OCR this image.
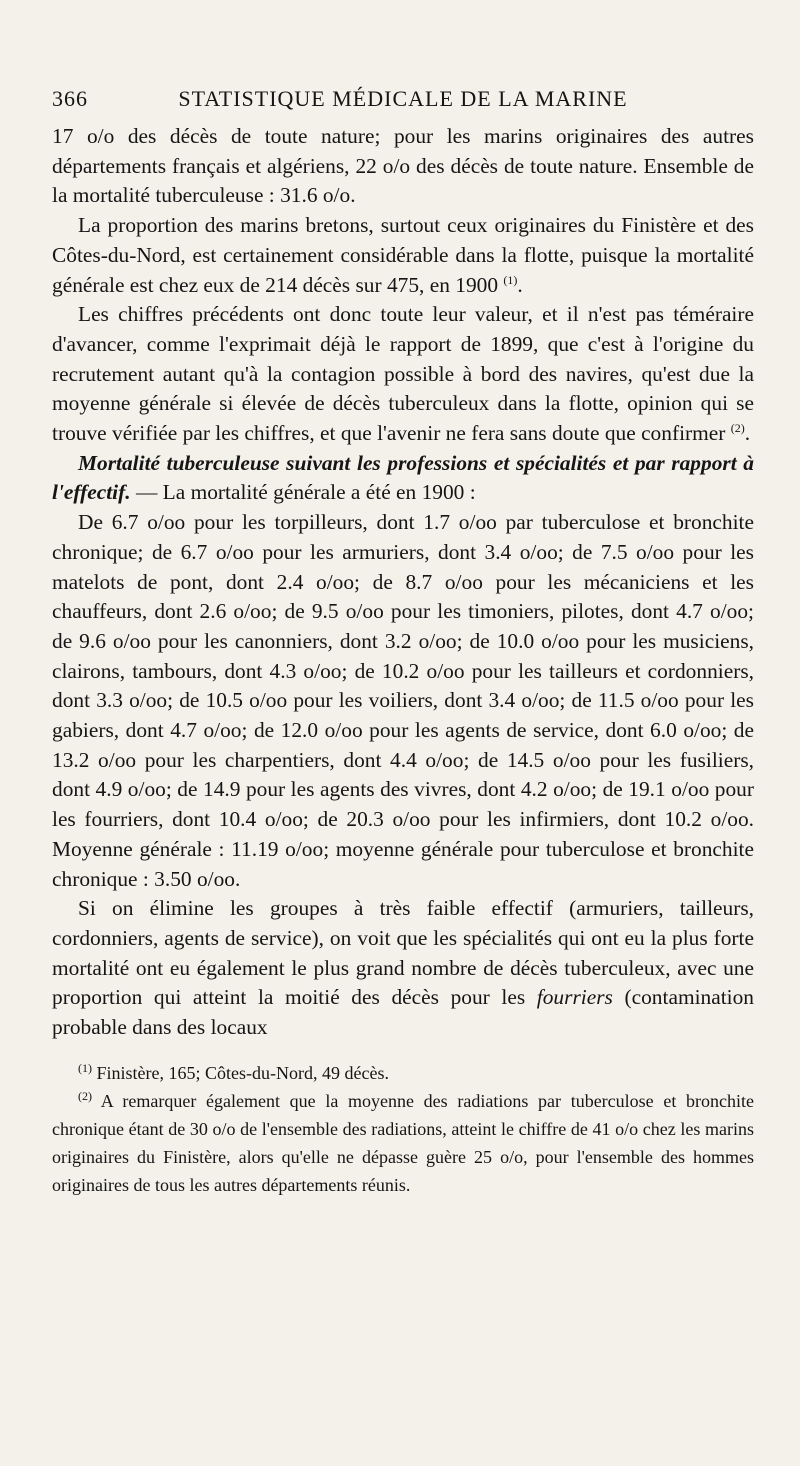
366	STATISTIQUE MÉDICALE DE LA MARINE

17 o/o des décès de toute nature; pour les marins originaires des autres départements français et algériens, 22 o/o des décès de toute nature. Ensemble de la mortalité tuberculeuse : 31.6 o/o.

La proportion des marins bretons, surtout ceux originaires du Finistère et des Côtes-du-Nord, est certainement considérable dans la flotte, puisque la mortalité générale est chez eux de 214 décès sur 475, en 1900 $^{(1)}$.

Les chiffres précédents ont donc toute leur valeur, et il n'est pas téméraire d'avancer, comme l'exprimait déjà le rapport de 1899, que c'est à l'origine du recrutement autant qu'à la contagion possible à bord des navires, qu'est due la moyenne générale si élevée de décès tuberculeux dans la flotte, opinion qui se trouve vérifiée par les chiffres, et que l'avenir ne fera sans doute que confirmer $^{(2)}$.

Mortalité tuberculeuse suivant les professions et spécialités et par rapport à l'effectif. — La mortalité générale a été en 1900 :

De 6.7 o/oo pour les torpilleurs, dont 1.7 o/oo par tuberculose et bronchite chronique; de 6.7 o/oo pour les armuriers, dont 3.4 o/oo; de 7.5 o/oo pour les matelots de pont, dont 2.4 o/oo; de 8.7 o/oo pour les mécaniciens et les chauffeurs, dont 2.6 o/oo; de 9.5 o/oo pour les timoniers, pilotes, dont 4.7 o/oo; de 9.6 o/oo pour les canonniers, dont 3.2 o/oo; de 10.0 o/oo pour les musiciens, clairons, tambours, dont 4.3 o/oo; de 10.2 o/oo pour les tailleurs et cordonniers, dont 3.3 o/oo; de 10.5 o/oo pour les voiliers, dont 3.4 o/oo; de 11.5 o/oo pour les gabiers, dont 4.7 o/oo; de 12.0 o/oo pour les agents de service, dont 6.0 o/oo; de 13.2 o/oo pour les charpentiers, dont 4.4 o/oo; de 14.5 o/oo pour les fusiliers, dont 4.9 o/oo; de 14.9 pour les agents des vivres, dont 4.2 o/oo; de 19.1 o/oo pour les fourriers, dont 10.4 o/oo; de 20.3 o/oo pour les infirmiers, dont 10.2 o/oo. Moyenne générale : 11.19 o/oo; moyenne générale pour tuberculose et bronchite chronique : 3.50 o/oo.

Si on élimine les groupes à très faible effectif (armuriers, tailleurs, cordonniers, agents de service), on voit que les spécialités qui ont eu la plus forte mortalité ont eu également le plus grand nombre de décès tuberculeux, avec une proportion qui atteint la moitié des décès pour les fourriers (contamination probable dans des locaux

$^{(1)}$ Finistère, 165; Côtes-du-Nord, 49 décès.

$^{(2)}$ A remarquer également que la moyenne des radiations par tuberculose et bronchite chronique étant de 30 o/o de l'ensemble des radiations, atteint le chiffre de 41 o/o chez les marins originaires du Finistère, alors qu'elle ne dépasse guère 25 o/o, pour l'ensemble des hommes originaires de tous les autres départements réunis.
